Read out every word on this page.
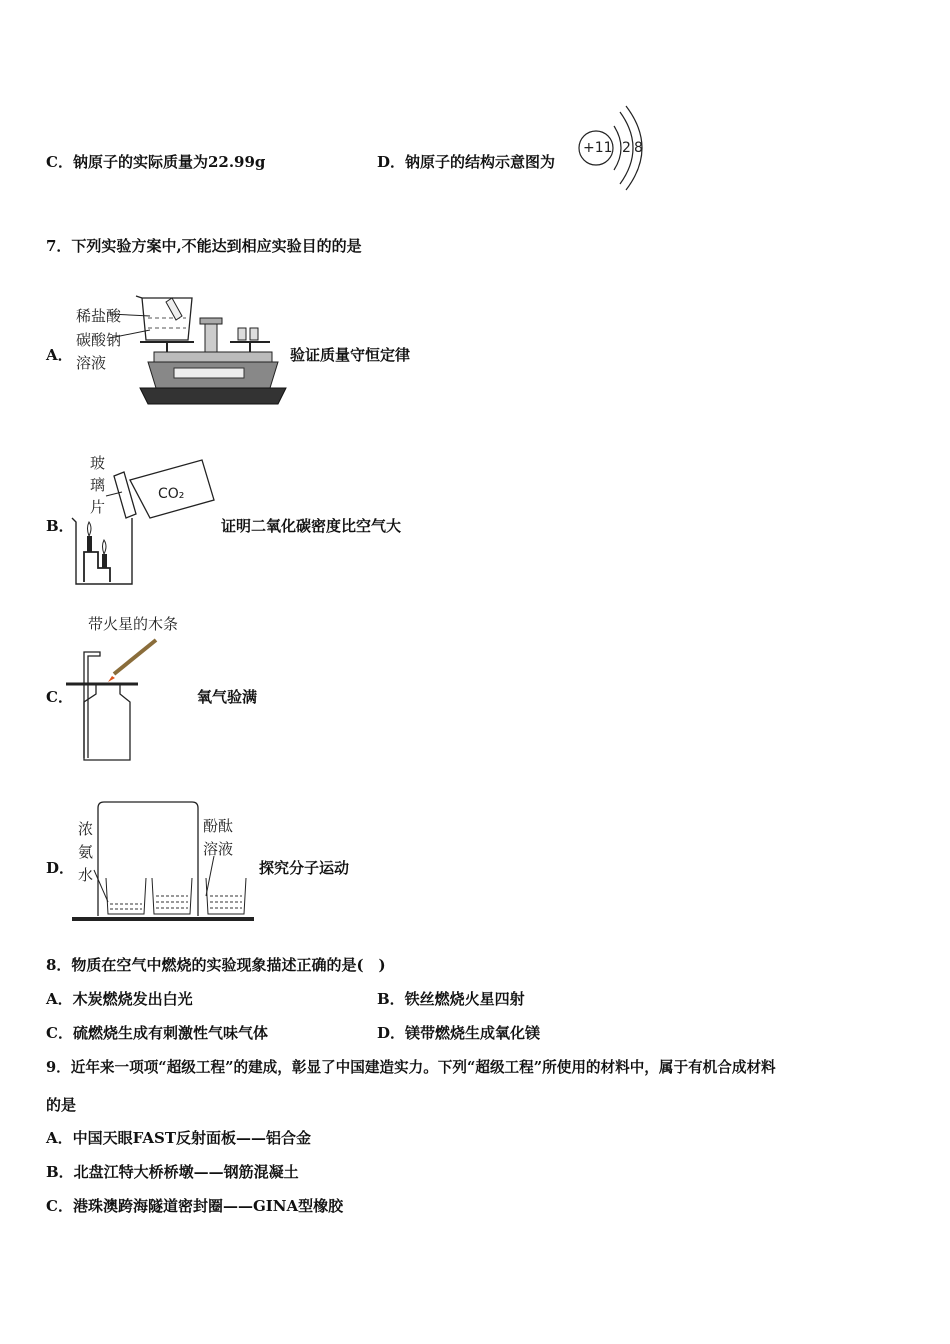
C．钠原子的实际质量为22.99g	D．钠原子的结构示意图为
+11 2 8
7．下列实验方案中,不能达到相应实验目的的是
A．
稀盐酸
碳酸钠
溶液	验证质量守恒定律
B．
玻
璃
片
CO₂
证明二氧化碳密度比空气大
带火星的木条
C．	氧气验满
D．
浓
氨
水
酚酞
溶液
探究分子运动
8．物质在空气中燃烧的实验现象描述正确的是(　)
A．木炭燃烧发出白光	B．铁丝燃烧火星四射
C．硫燃烧生成有刺激性气味气体	D．镁带燃烧生成氧化镁
9．近年来一项项“超级工程”的建成，彰显了中国建造实力。下列“超级工程”所使用的材料中，属于有机合成材料
的是
A．中国天眼FAST反射面板——铝合金
B．北盘江特大桥桥墩——钢筋混凝土
C．港珠澳跨海隧道密封圈——GINA型橡胶
